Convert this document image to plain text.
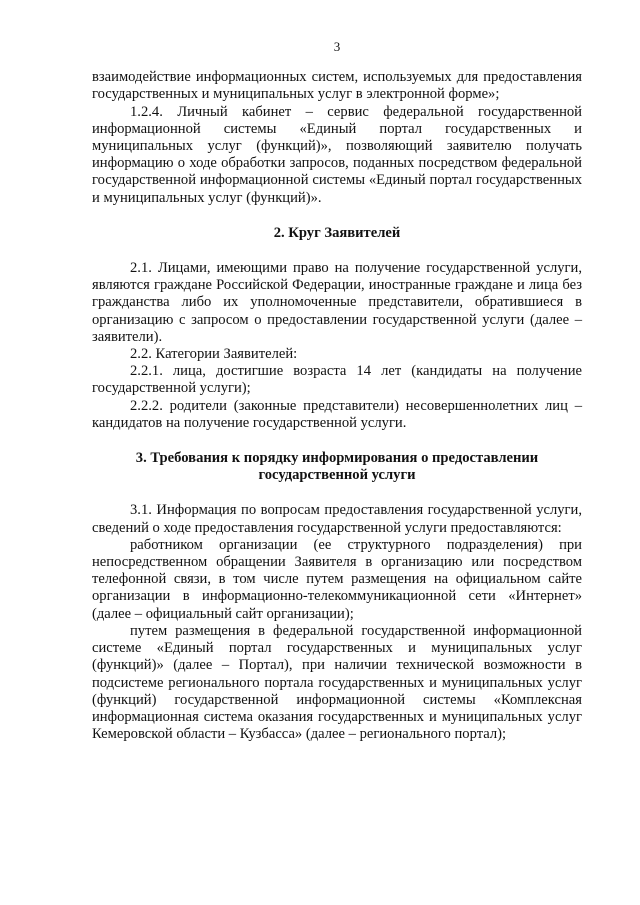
3

взаимодействие информационных систем, используемых для предоставления государственных и муниципальных услуг в электронной форме»;

1.2.4. Личный кабинет – сервис федеральной государственной информационной системы «Единый портал государственных и муниципальных услуг (функций)», позволяющий заявителю получать информацию о ходе обработки запросов, поданных посредством федеральной государственной информационной системы «Единый портал государственных и муниципальных услуг (функций)».

2. Круг Заявителей

2.1. Лицами, имеющими право на получение государственной услуги, являются граждане Российской Федерации, иностранные граждане и лица без гражданства либо их уполномоченные представители, обратившиеся в организацию с запросом о предоставлении государственной услуги (далее – заявители).

2.2. Категории Заявителей:

2.2.1. лица, достигшие возраста 14 лет (кандидаты на получение государственной услуги);

2.2.2. родители (законные представители) несовершеннолетних лиц – кандидатов на получение государственной услуги.

3. Требования к порядку информирования о предоставлении
государственной услуги

3.1. Информация по вопросам предоставления государственной услуги, сведений о ходе предоставления государственной услуги предоставляются:

работником организации (ее структурного подразделения) при непосредственном обращении Заявителя в организацию или посредством телефонной связи, в том числе путем размещения на официальном сайте организации в информационно-телекоммуникационной сети «Интернет» (далее – официальный сайт организации);

путем размещения в федеральной государственной информационной системе «Единый портал государственных и муниципальных услуг (функций)» (далее – Портал), при наличии технической возможности в подсистеме регионального портала государственных и муниципальных услуг (функций) государственной информационной системы «Комплексная информационная система оказания государственных и муниципальных услуг Кемеровской области – Кузбасса» (далее – регионального портал);
